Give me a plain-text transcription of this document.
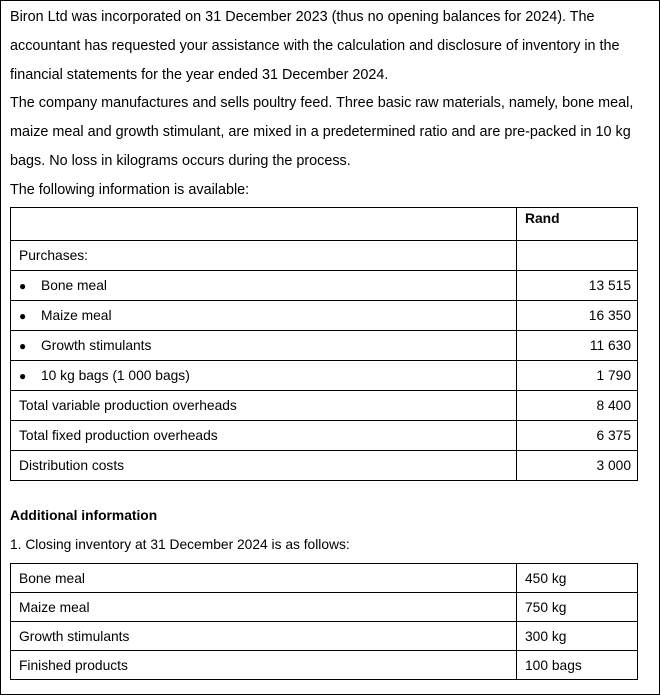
Biron Ltd was incorporated on 31 December 2023 (thus no opening balances for 2024). The
accountant has requested your assistance with the calculation and disclosure of inventory in the
financial statements for the year ended 31 December 2024.
The company manufactures and sells poultry feed. Three basic raw materials, namely, bone meal,
maize meal and growth stimulant, are mixed in a predetermined ratio and are pre-packed in 10 kg
bags. No loss in kilograms occurs during the process.
The following information is available:
	Rand
Purchases:	
● Bone meal	13 515
● Maize meal	16 350
● Growth stimulants	11 630
● 10 kg bags (1 000 bags)	1 790
Total variable production overheads	8 400
Total fixed production overheads	6 375
Distribution costs	3 000
Additional information
1. Closing inventory at 31 December 2024 is as follows:
Bone meal	450 kg
Maize meal	750 kg
Growth stimulants	300 kg
Finished products	100 bags
